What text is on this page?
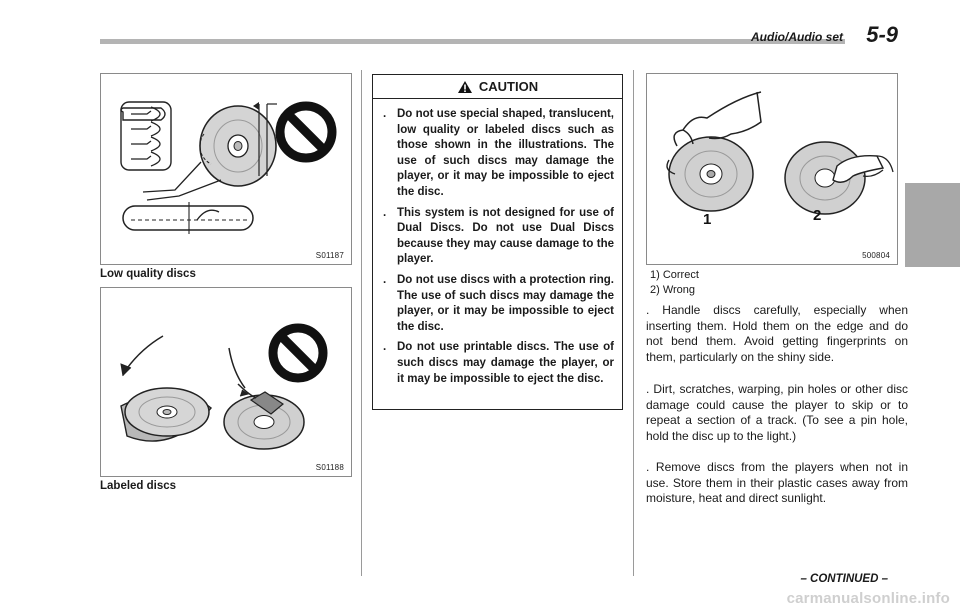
Audio/Audio set 5-9
S01187
Low quality discs
S01188
Labeled discs
CAUTION
. Do not use special shaped, translucent, low quality or labeled discs such as those shown in the illustrations. The use of such discs may damage the player, or it may be impossible to eject the disc.
. This system is not designed for use of Dual Discs. Do not use Dual Discs because they may cause damage to the player.
. Do not use discs with a protection ring. The use of such discs may damage the player, or it may be impossible to eject the disc.
. Do not use printable discs. The use of such discs may damage the player, or it may be impossible to eject the disc.
1	2
500804
1) Correct
2) Wrong
. Handle discs carefully, especially when inserting them. Hold them on the edge and do not bend them. Avoid getting fingerprints on them, particularly on the shiny side.
. Dirt, scratches, warping, pin holes or other disc damage could cause the player to skip or to repeat a section of a track. (To see a pin hole, hold the disc up to the light.)
. Remove discs from the players when not in use. Store them in their plastic cases away from moisture, heat and direct sunlight.
– CONTINUED –
carmanualsonline.info
